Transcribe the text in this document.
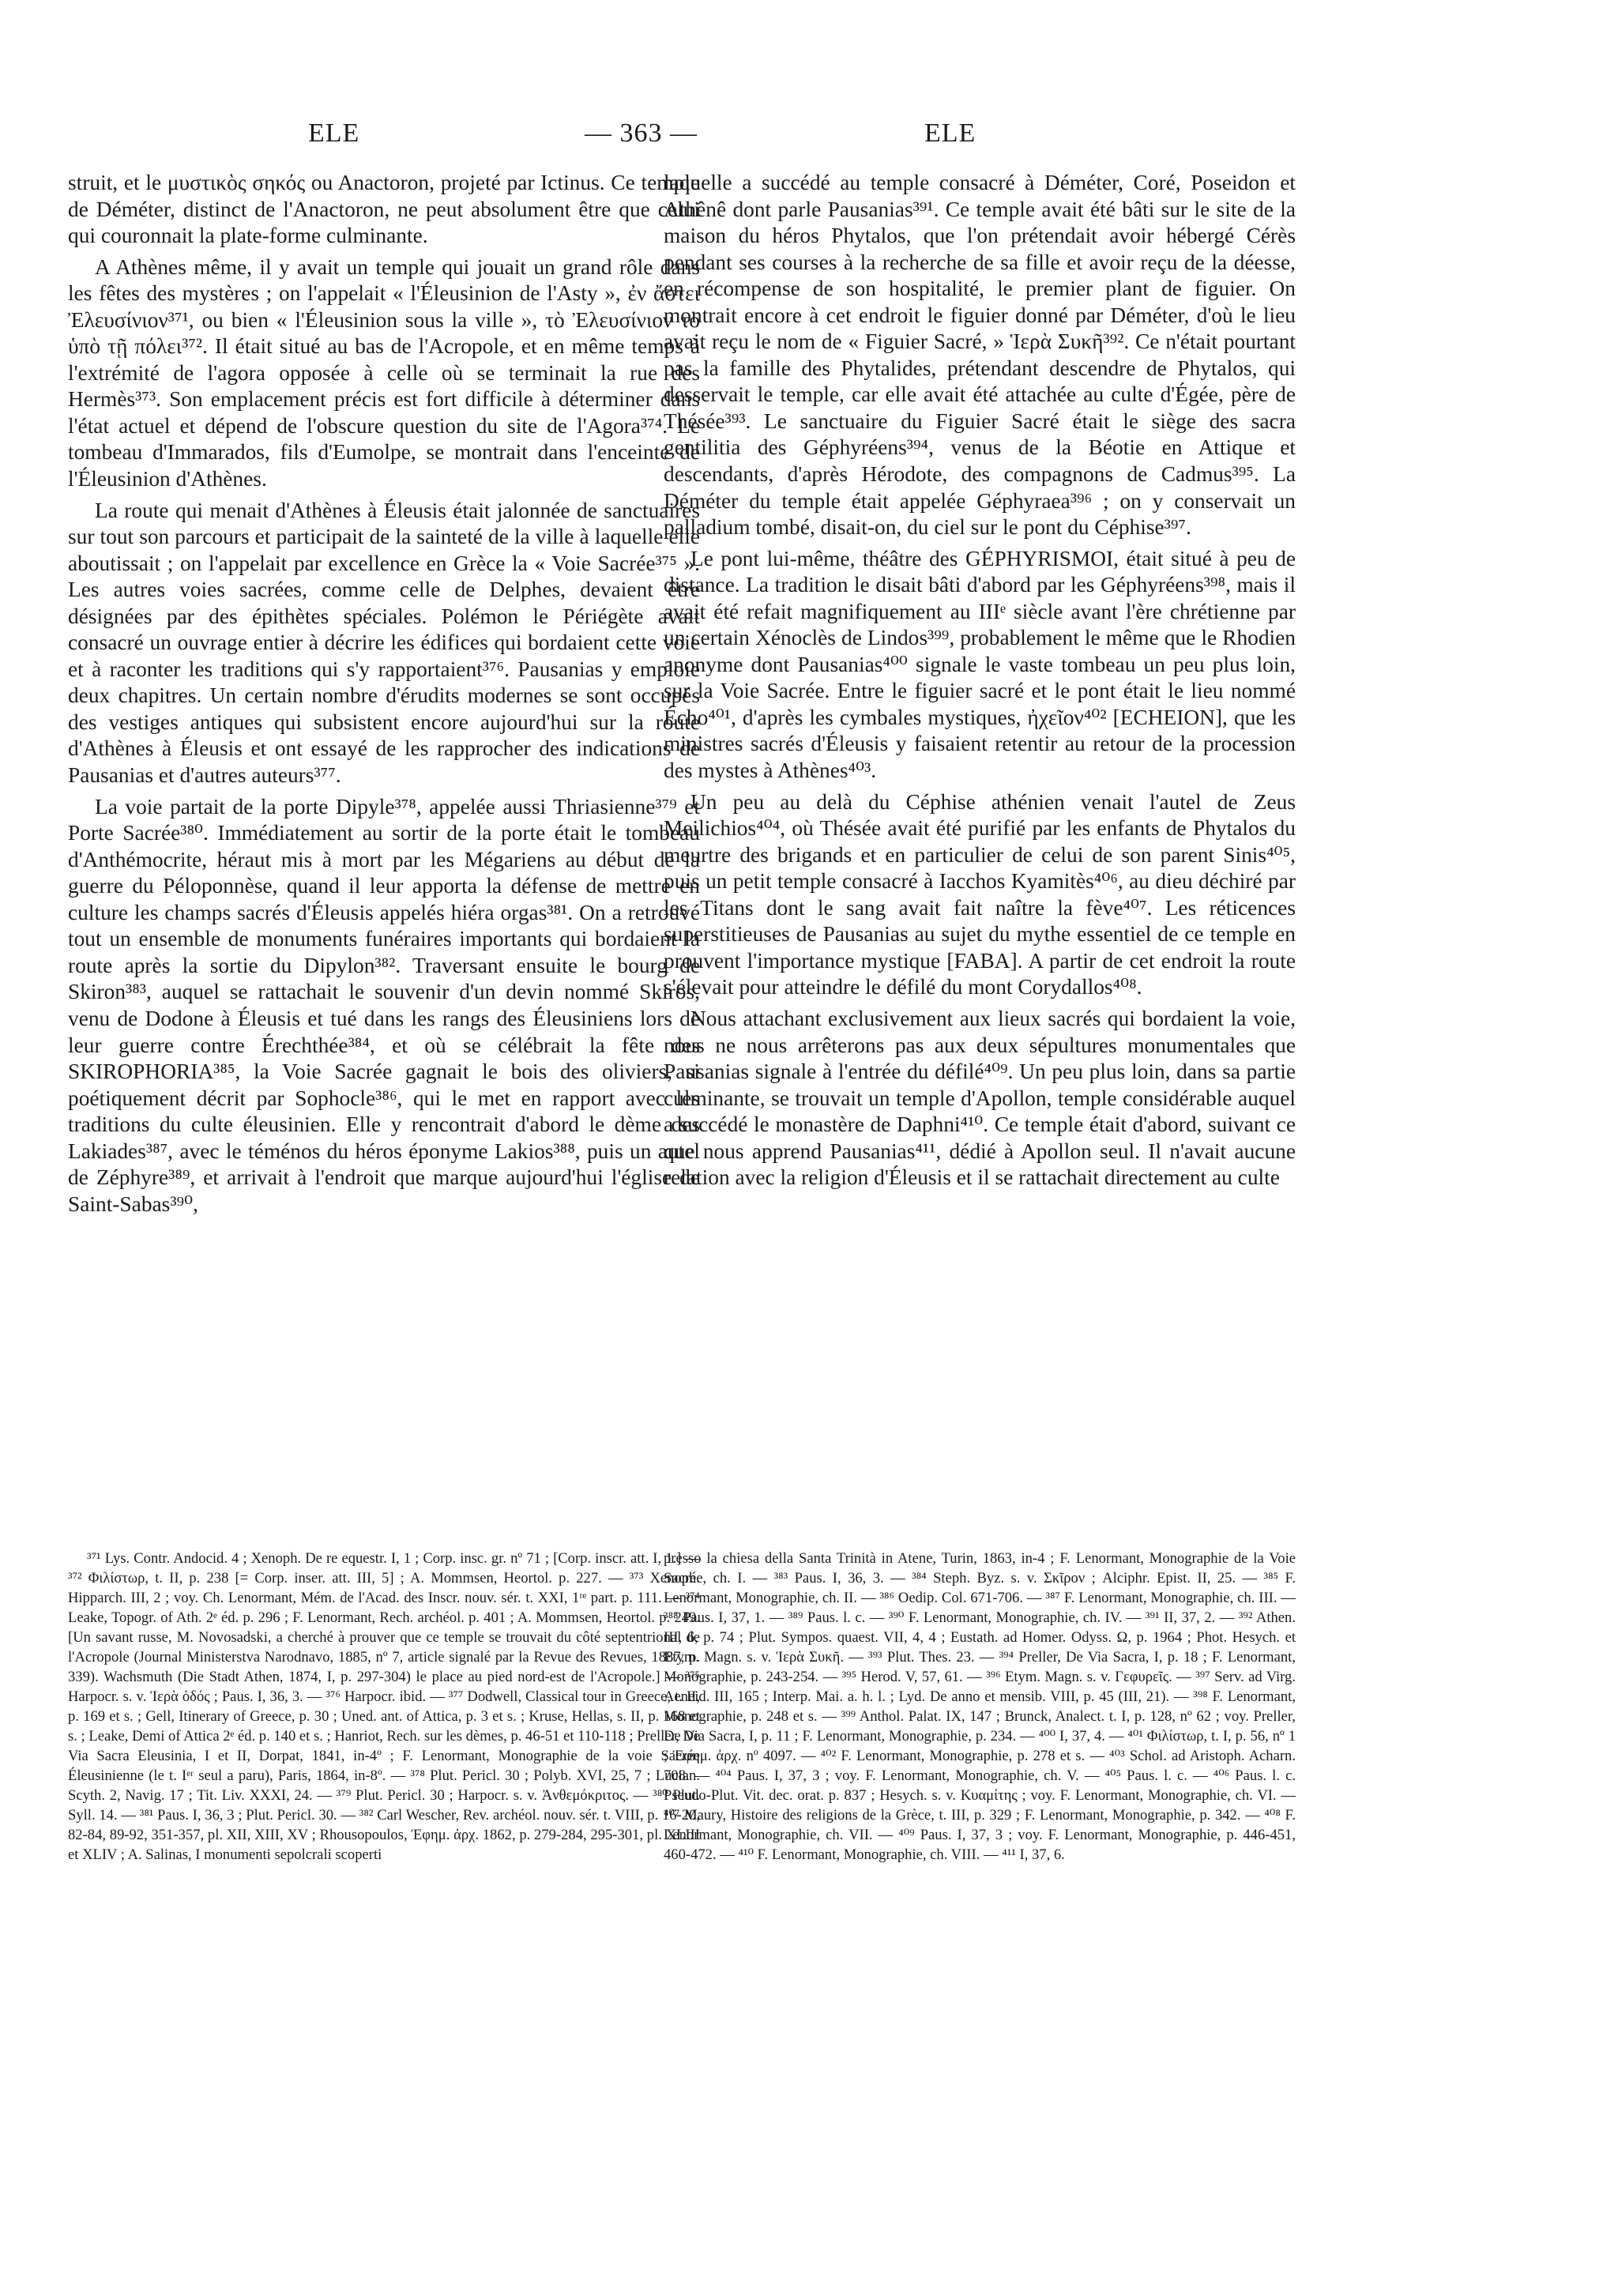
ELE	— 363 —	ELE

struit, et le μυστικὸς σηκός ou Anactoron, projeté par Ictinus. Ce temple de Déméter, distinct de l'Anactoron, ne peut absolument être que celui qui couronnait la plate-forme culminante.

A Athènes même, il y avait un temple qui jouait un grand rôle dans les fêtes des mystères ; on l'appelait « l'Éleusinion de l'Asty », ἐν ἄστει Ἐλευσίνιον³⁷¹, ou bien « l'Éleusinion sous la ville », τὸ Ἐλευσίνιον τὸ ὑπὸ τῇ πόλει³⁷². Il était situé au bas de l'Acropole, et en même temps à l'extrémité de l'agora opposée à celle où se terminait la rue des Hermès³⁷³. Son emplacement précis est fort difficile à déterminer dans l'état actuel et dépend de l'obscure question du site de l'Agora³⁷⁴. Le tombeau d'Immarados, fils d'Eumolpe, se montrait dans l'enceinte de l'Éleusinion d'Athènes.

La route qui menait d'Athènes à Éleusis était jalonnée de sanctuaires sur tout son parcours et participait de la sainteté de la ville à laquelle elle aboutissait ; on l'appelait par excellence en Grèce la « Voie Sacrée³⁷⁵ ». Les autres voies sacrées, comme celle de Delphes, devaient être désignées par des épithètes spéciales. Polémon le Périégète avait consacré un ouvrage entier à décrire les édifices qui bordaient cette voie et à raconter les traditions qui s'y rapportaient³⁷⁶. Pausanias y emploie deux chapitres. Un certain nombre d'érudits modernes se sont occupés des vestiges antiques qui subsistent encore aujourd'hui sur la route d'Athènes à Éleusis et ont essayé de les rapprocher des indications de Pausanias et d'autres auteurs³⁷⁷.

La voie partait de la porte Dipyle³⁷⁸, appelée aussi Thriasienne³⁷⁹ et Porte Sacrée³⁸⁰. Immédiatement au sortir de la porte était le tombeau d'Anthémocrite, héraut mis à mort par les Mégariens au début de la guerre du Péloponnèse, quand il leur apporta la défense de mettre en culture les champs sacrés d'Éleusis appelés hiéra orgas³⁸¹. On a retrouvé tout un ensemble de monuments funéraires importants qui bordaient la route après la sortie du Dipylon³⁸². Traversant ensuite le bourg de Skiron³⁸³, auquel se rattachait le souvenir d'un devin nommé Skiros, venu de Dodone à Éleusis et tué dans les rangs des Éleusiniens lors de leur guerre contre Érechthée³⁸⁴, et où se célébrait la fête des SKIROPHORIA³⁸⁵, la Voie Sacrée gagnait le bois des oliviers, si poétiquement décrit par Sophocle³⁸⁶, qui le met en rapport avec les traditions du culte éleusinien. Elle y rencontrait d'abord le dème des Lakiades³⁸⁷, avec le téménos du héros éponyme Lakios³⁸⁸, puis un autel de Zéphyre³⁸⁹, et arrivait à l'endroit que marque aujourd'hui l'église de Saint-Sabas³⁹⁰,

laquelle a succédé au temple consacré à Déméter, Coré, Poseidon et Athênê dont parle Pausanias³⁹¹. Ce temple avait été bâti sur le site de la maison du héros Phytalos, que l'on prétendait avoir hébergé Cérès pendant ses courses à la recherche de sa fille et avoir reçu de la déesse, en récompense de son hospitalité, le premier plant de figuier. On montrait encore à cet endroit le figuier donné par Déméter, d'où le lieu avait reçu le nom de « Figuier Sacré, » Ἱερὰ Συκῆ³⁹². Ce n'était pourtant pas la famille des Phytalides, prétendant descendre de Phytalos, qui desservait le temple, car elle avait été attachée au culte d'Égée, père de Thésée³⁹³. Le sanctuaire du Figuier Sacré était le siège des sacra gentilitia des Géphyréens³⁹⁴, venus de la Béotie en Attique et descendants, d'après Hérodote, des compagnons de Cadmus³⁹⁵. La Déméter du temple était appelée Géphyraea³⁹⁶ ; on y conservait un palladium tombé, disait-on, du ciel sur le pont du Céphise³⁹⁷.

Le pont lui-même, théâtre des GÉPHYRISMOI, était situé à peu de distance. La tradition le disait bâti d'abord par les Géphyréens³⁹⁸, mais il avait été refait magnifiquement au IIIᵉ siècle avant l'ère chrétienne par un certain Xénoclès de Lindos³⁹⁹, probablement le même que le Rhodien anonyme dont Pausanias⁴⁰⁰ signale le vaste tombeau un peu plus loin, sur la Voie Sacrée. Entre le figuier sacré et le pont était le lieu nommé Écho⁴⁰¹, d'après les cymbales mystiques, ἠχεῖον⁴⁰² [ECHEION], que les ministres sacrés d'Éleusis y faisaient retentir au retour de la procession des mystes à Athènes⁴⁰³.

Un peu au delà du Céphise athénien venait l'autel de Zeus Meilichios⁴⁰⁴, où Thésée avait été purifié par les enfants de Phytalos du meurtre des brigands et en particulier de celui de son parent Sinis⁴⁰⁵, puis un petit temple consacré à Iacchos Kyamitès⁴⁰⁶, au dieu déchiré par les Titans dont le sang avait fait naître la fève⁴⁰⁷. Les réticences superstitieuses de Pausanias au sujet du mythe essentiel de ce temple en prouvent l'importance mystique [FABA]. A partir de cet endroit la route s'élevait pour atteindre le défilé du mont Corydallos⁴⁰⁸.

Nous attachant exclusivement aux lieux sacrés qui bordaient la voie, nous ne nous arrêterons pas aux deux sépultures monumentales que Pausanias signale à l'entrée du défilé⁴⁰⁹. Un peu plus loin, dans sa partie culminante, se trouvait un temple d'Apollon, temple considérable auquel a succédé le monastère de Daphni⁴¹⁰. Ce temple était d'abord, suivant ce que nous apprend Pausanias⁴¹¹, dédié à Apollon seul. Il n'avait aucune relation avec la religion d'Éleusis et il se rattachait directement au culte

³⁷¹ Lys. Contr. Andocid. 4 ; Xenoph. De re equestr. I, 1 ; Corp. insc. gr. nº 71 ; [Corp. inscr. att. I, 1.] — ³⁷² Φιλίστωρ, t. II, p. 238 [= Corp. inser. att. III, 5] ; A. Mommsen, Heortol. p. 227. — ³⁷³ Xenoph. Hipparch. III, 2 ; voy. Ch. Lenormant, Mém. de l'Acad. des Inscr. nouv. sér. t. XXI, 1ʳᵉ part. p. 111. — ³⁷⁴ Leake, Topogr. of Ath. 2ᵉ éd. p. 296 ; F. Lenormant, Rech. archéol. p. 401 ; A. Mommsen, Heortol. p. 249. [Un savant russe, M. Novosadski, a cherché à prouver que ce temple se trouvait du côté septentrional de l'Acropole (Journal Ministerstva Narodnavo, 1885, nº 7, article signalé par la Revue des Revues, 1887, p. 339). Wachsmuth (Die Stadt Athen, 1874, I, p. 297-304) le place au pied nord-est de l'Acropole.] — ³⁷⁵ Harpocr. s. v. Ἱερὰ ὁδός ; Paus. I, 36, 3. — ³⁷⁶ Harpocr. ibid. — ³⁷⁷ Dodwell, Classical tour in Greece, t. II, p. 169 et s. ; Gell, Itinerary of Greece, p. 30 ; Uned. ant. of Attica, p. 3 et s. ; Kruse, Hellas, s. II, p. 168 et s. ; Leake, Demi of Attica 2ᵉ éd. p. 140 et s. ; Hanriot, Rech. sur les dèmes, p. 46-51 et 110-118 ; Preller, De Via Sacra Eleusinia, I et II, Dorpat, 1841, in-4º ; F. Lenormant, Monographie de la voie Sacrée Éleusinienne (le t. Iᵉʳ seul a paru), Paris, 1864, in-8º. — ³⁷⁸ Plut. Pericl. 30 ; Polyb. XVI, 25, 7 ; Lucian. Scyth. 2, Navig. 17 ; Tit. Liv. XXXI, 24. — ³⁷⁹ Plut. Pericl. 30 ; Harpocr. s. v. Ἀνθεμόκριτος. — ³⁸⁰ Plut. Syll. 14. — ³⁸¹ Paus. I, 36, 3 ; Plut. Pericl. 30. — ³⁸² Carl Wescher, Rev. archéol. nouv. sér. t. VIII, p. 16-20, 82-84, 89-92, 351-357, pl. XII, XIII, XV ; Rhousopoulos, Ἐφημ. ἀρχ. 1862, p. 279-284, 295-301, pl. XLIII et XLIV ; A. Salinas, I monumenti sepolcrali scoperti

presso la chiesa della Santa Trinità in Atene, Turin, 1863, in-4 ; F. Lenormant, Monographie de la Voie Sacrée, ch. I. — ³⁸³ Paus. I, 36, 3. — ³⁸⁴ Steph. Byz. s. v. Σκῖρον ; Alciphr. Epist. II, 25. — ³⁸⁵ F. Lenormant, Monographie, ch. II. — ³⁸⁶ Oedip. Col. 671-706. — ³⁸⁷ F. Lenormant, Monographie, ch. III. — ³⁸⁸ Paus. I, 37, 1. — ³⁸⁹ Paus. l. c. — ³⁹⁰ F. Lenormant, Monographie, ch. IV. — ³⁹¹ II, 37, 2. — ³⁹² Athen. III, 6, p. 74 ; Plut. Sympos. quaest. VII, 4, 4 ; Eustath. ad Homer. Odyss. Ω, p. 1964 ; Phot. Hesych. et Etym. Magn. s. v. Ἱερὰ Συκῆ. — ³⁹³ Plut. Thes. 23. — ³⁹⁴ Preller, De Via Sacra, I, p. 18 ; F. Lenormant, Monographie, p. 243-254. — ³⁹⁵ Herod. V, 57, 61. — ³⁹⁶ Etym. Magn. s. v. Γεφυρεῖς. — ³⁹⁷ Serv. ad Virg. Aeneid. III, 165 ; Interp. Mai. a. h. l. ; Lyd. De anno et mensib. VIII, p. 45 (III, 21). — ³⁹⁸ F. Lenormant, Monographie, p. 248 et s. — ³⁹⁹ Anthol. Palat. IX, 147 ; Brunck, Analect. t. I, p. 128, nº 62 ; voy. Preller, De Via Sacra, I, p. 11 ; F. Lenormant, Monographie, p. 234. — ⁴⁰⁰ I, 37, 4. — ⁴⁰¹ Φιλίστωρ, t. I, p. 56, nº 1 ; Ἐφημ. ἀρχ. nº 4097. — ⁴⁰² F. Lenormant, Monographie, p. 278 et s. — ⁴⁰³ Schol. ad Aristoph. Acharn. 708. — ⁴⁰⁴ Paus. I, 37, 3 ; voy. F. Lenormant, Monographie, ch. V. — ⁴⁰⁵ Paus. l. c. — ⁴⁰⁶ Paus. l. c. Pseudo-Plut. Vit. dec. orat. p. 837 ; Hesych. s. v. Κυαμίτης ; voy. F. Lenormant, Monographie, ch. VI. — ⁴⁰⁷ Maury, Histoire des religions de la Grèce, t. III, p. 329 ; F. Lenormant, Monographie, p. 342. — ⁴⁰⁸ F. Lenormant, Monographie, ch. VII. — ⁴⁰⁹ Paus. I, 37, 3 ; voy. F. Lenormant, Monographie, p. 446-451, 460-472. — ⁴¹⁰ F. Lenormant, Monographie, ch. VIII. — ⁴¹¹ I, 37, 6.
